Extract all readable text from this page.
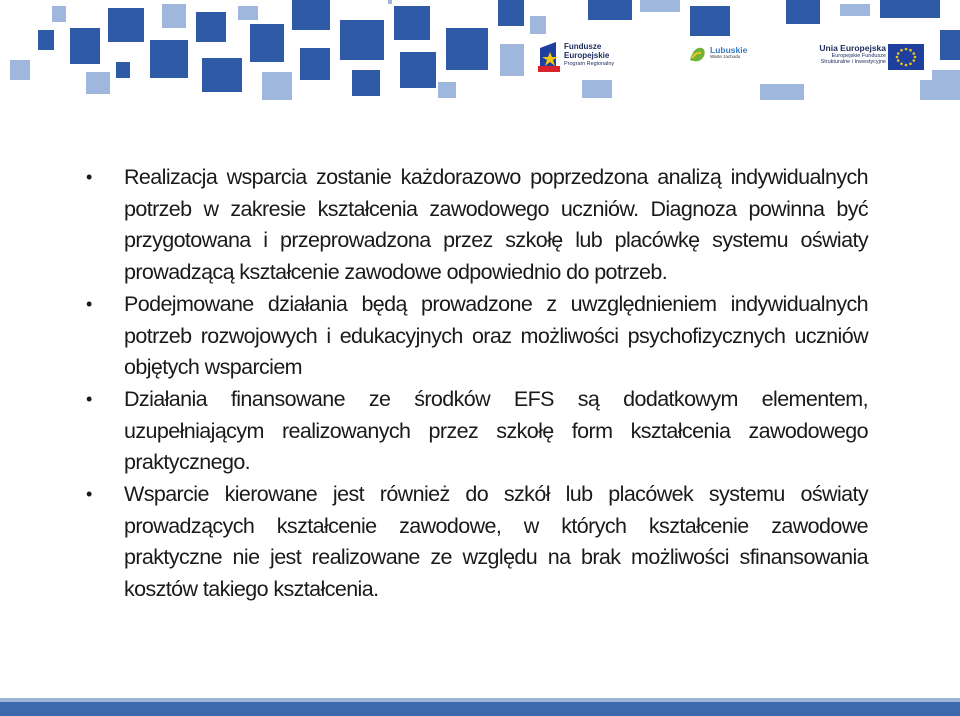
Fundusze
Europejskie
Program Regionalny
Lubuskie
Warte zachodu
Unia Europejska
Europejskie Fundusze
Strukturalne i Inwestycyjne
• Realizacja wsparcia zostanie każdorazowo poprzedzona analizą indywidualnych potrzeb w zakresie kształcenia zawodowego uczniów. Diagnoza powinna być przygotowana i przeprowadzona przez szkołę lub placówkę systemu oświaty prowadzącą kształcenie zawodowe odpowiednio do potrzeb.
• Podejmowane działania będą prowadzone z uwzględnieniem indywidualnych potrzeb rozwojowych i edukacyjnych oraz możliwości psychofizycznych uczniów objętych wsparciem
• Działania finansowane ze środków EFS są dodatkowym elementem, uzupełniającym realizowanych przez szkołę form kształcenia zawodowego praktycznego.
• Wsparcie kierowane jest również do szkół lub placówek systemu oświaty prowadzących kształcenie zawodowe, w których kształcenie zawodowe praktyczne nie jest realizowane ze względu na brak możliwości sfinansowania kosztów takiego kształcenia.
